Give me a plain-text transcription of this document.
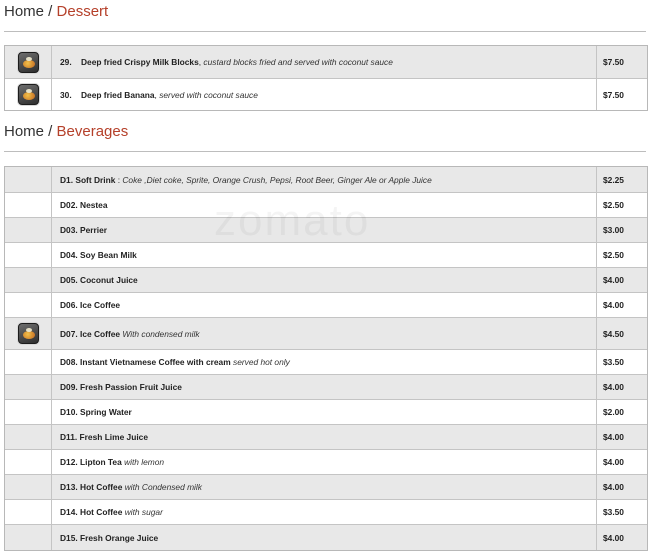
Home / Dessert
29.	Deep fried Crispy Milk Blocks , custard blocks fried and served with coconut sauce	$7.50
30.	Deep fried Banana , served with coconut sauce	$7.50
Home / Beverages
D1. Soft Drink : Coke ,Diet coke, Sprite, Orange Crush, Pepsi, Root Beer, Ginger Ale or Apple Juice	$2.25
D02. Nestea	$2.50
D03. Perrier	$3.00
D04. Soy Bean Milk	$2.50
D05. Coconut Juice	$4.00
D06. Ice Coffee	$4.00
D07. Ice Coffee
With condensed milk	$4.50
D08. Instant Vietnamese Coffee with cream
served hot only	$3.50
D09. Fresh Passion Fruit Juice	$4.00
D10. Spring Water	$2.00
D11. Fresh Lime Juice	$4.00
D12. Lipton Tea
with lemon	$4.00
D13. Hot Coffee
with Condensed milk	$4.00
D14. Hot Coffee
with sugar	$3.50
D15. Fresh Orange Juice	$4.00
